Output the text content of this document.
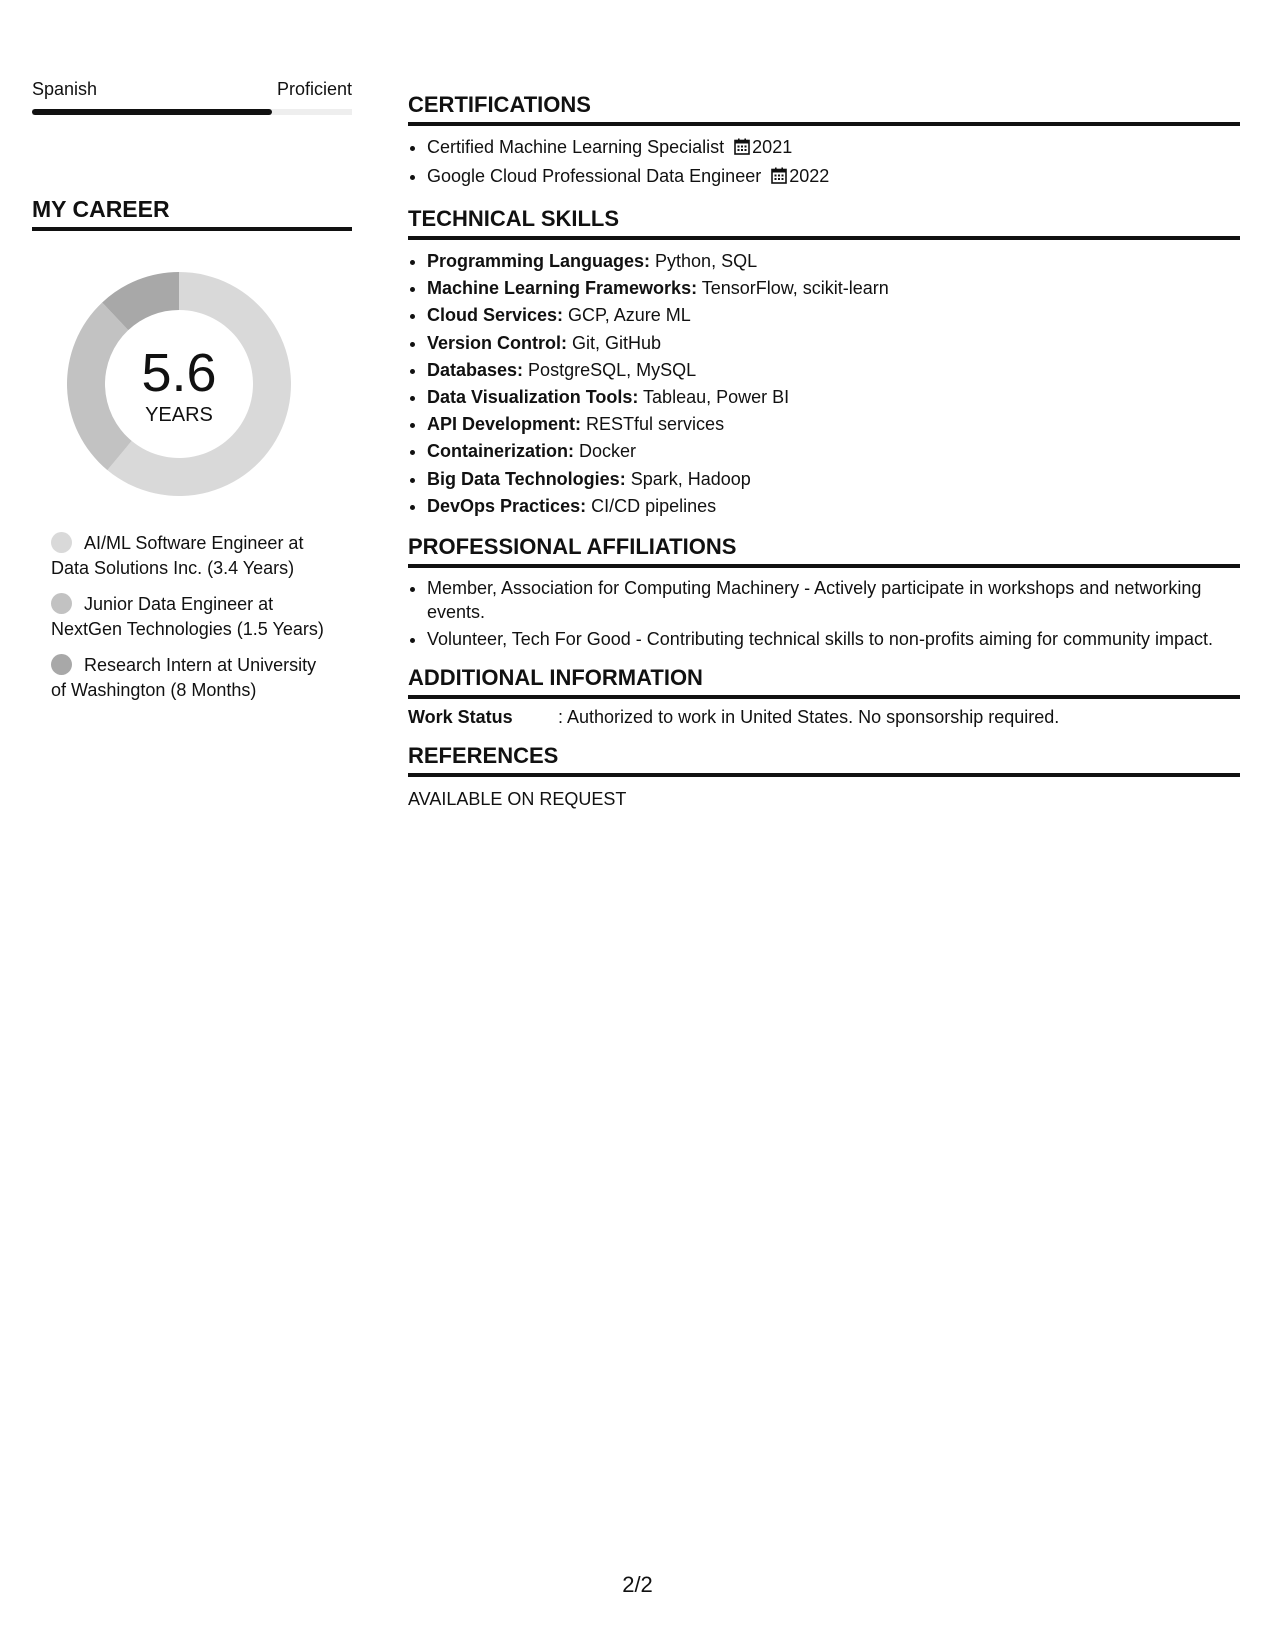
Spanish	Proficient
MY CAREER
5.6
YEARS
AI/ML Software Engineer at Data Solutions Inc. (3.4 Years)
Junior Data Engineer at NextGen Technologies (1.5 Years)
Research Intern at University of Washington (8 Months)
CERTIFICATIONS
• Certified Machine Learning Specialist 2021
• Google Cloud Professional Data Engineer 2022
TECHNICAL SKILLS
• Programming Languages: Python, SQL
• Machine Learning Frameworks: TensorFlow, scikit-learn
• Cloud Services: GCP, Azure ML
• Version Control: Git, GitHub
• Databases: PostgreSQL, MySQL
• Data Visualization Tools: Tableau, Power BI
• API Development: RESTful services
• Containerization: Docker
• Big Data Technologies: Spark, Hadoop
• DevOps Practices: CI/CD pipelines
PROFESSIONAL AFFILIATIONS
• Member, Association for Computing Machinery - Actively participate in workshops and networking events.
• Volunteer, Tech For Good - Contributing technical skills to non-profits aiming for community impact.
ADDITIONAL INFORMATION
Work Status	: Authorized to work in United States. No sponsorship required.
REFERENCES
AVAILABLE ON REQUEST
2/2
